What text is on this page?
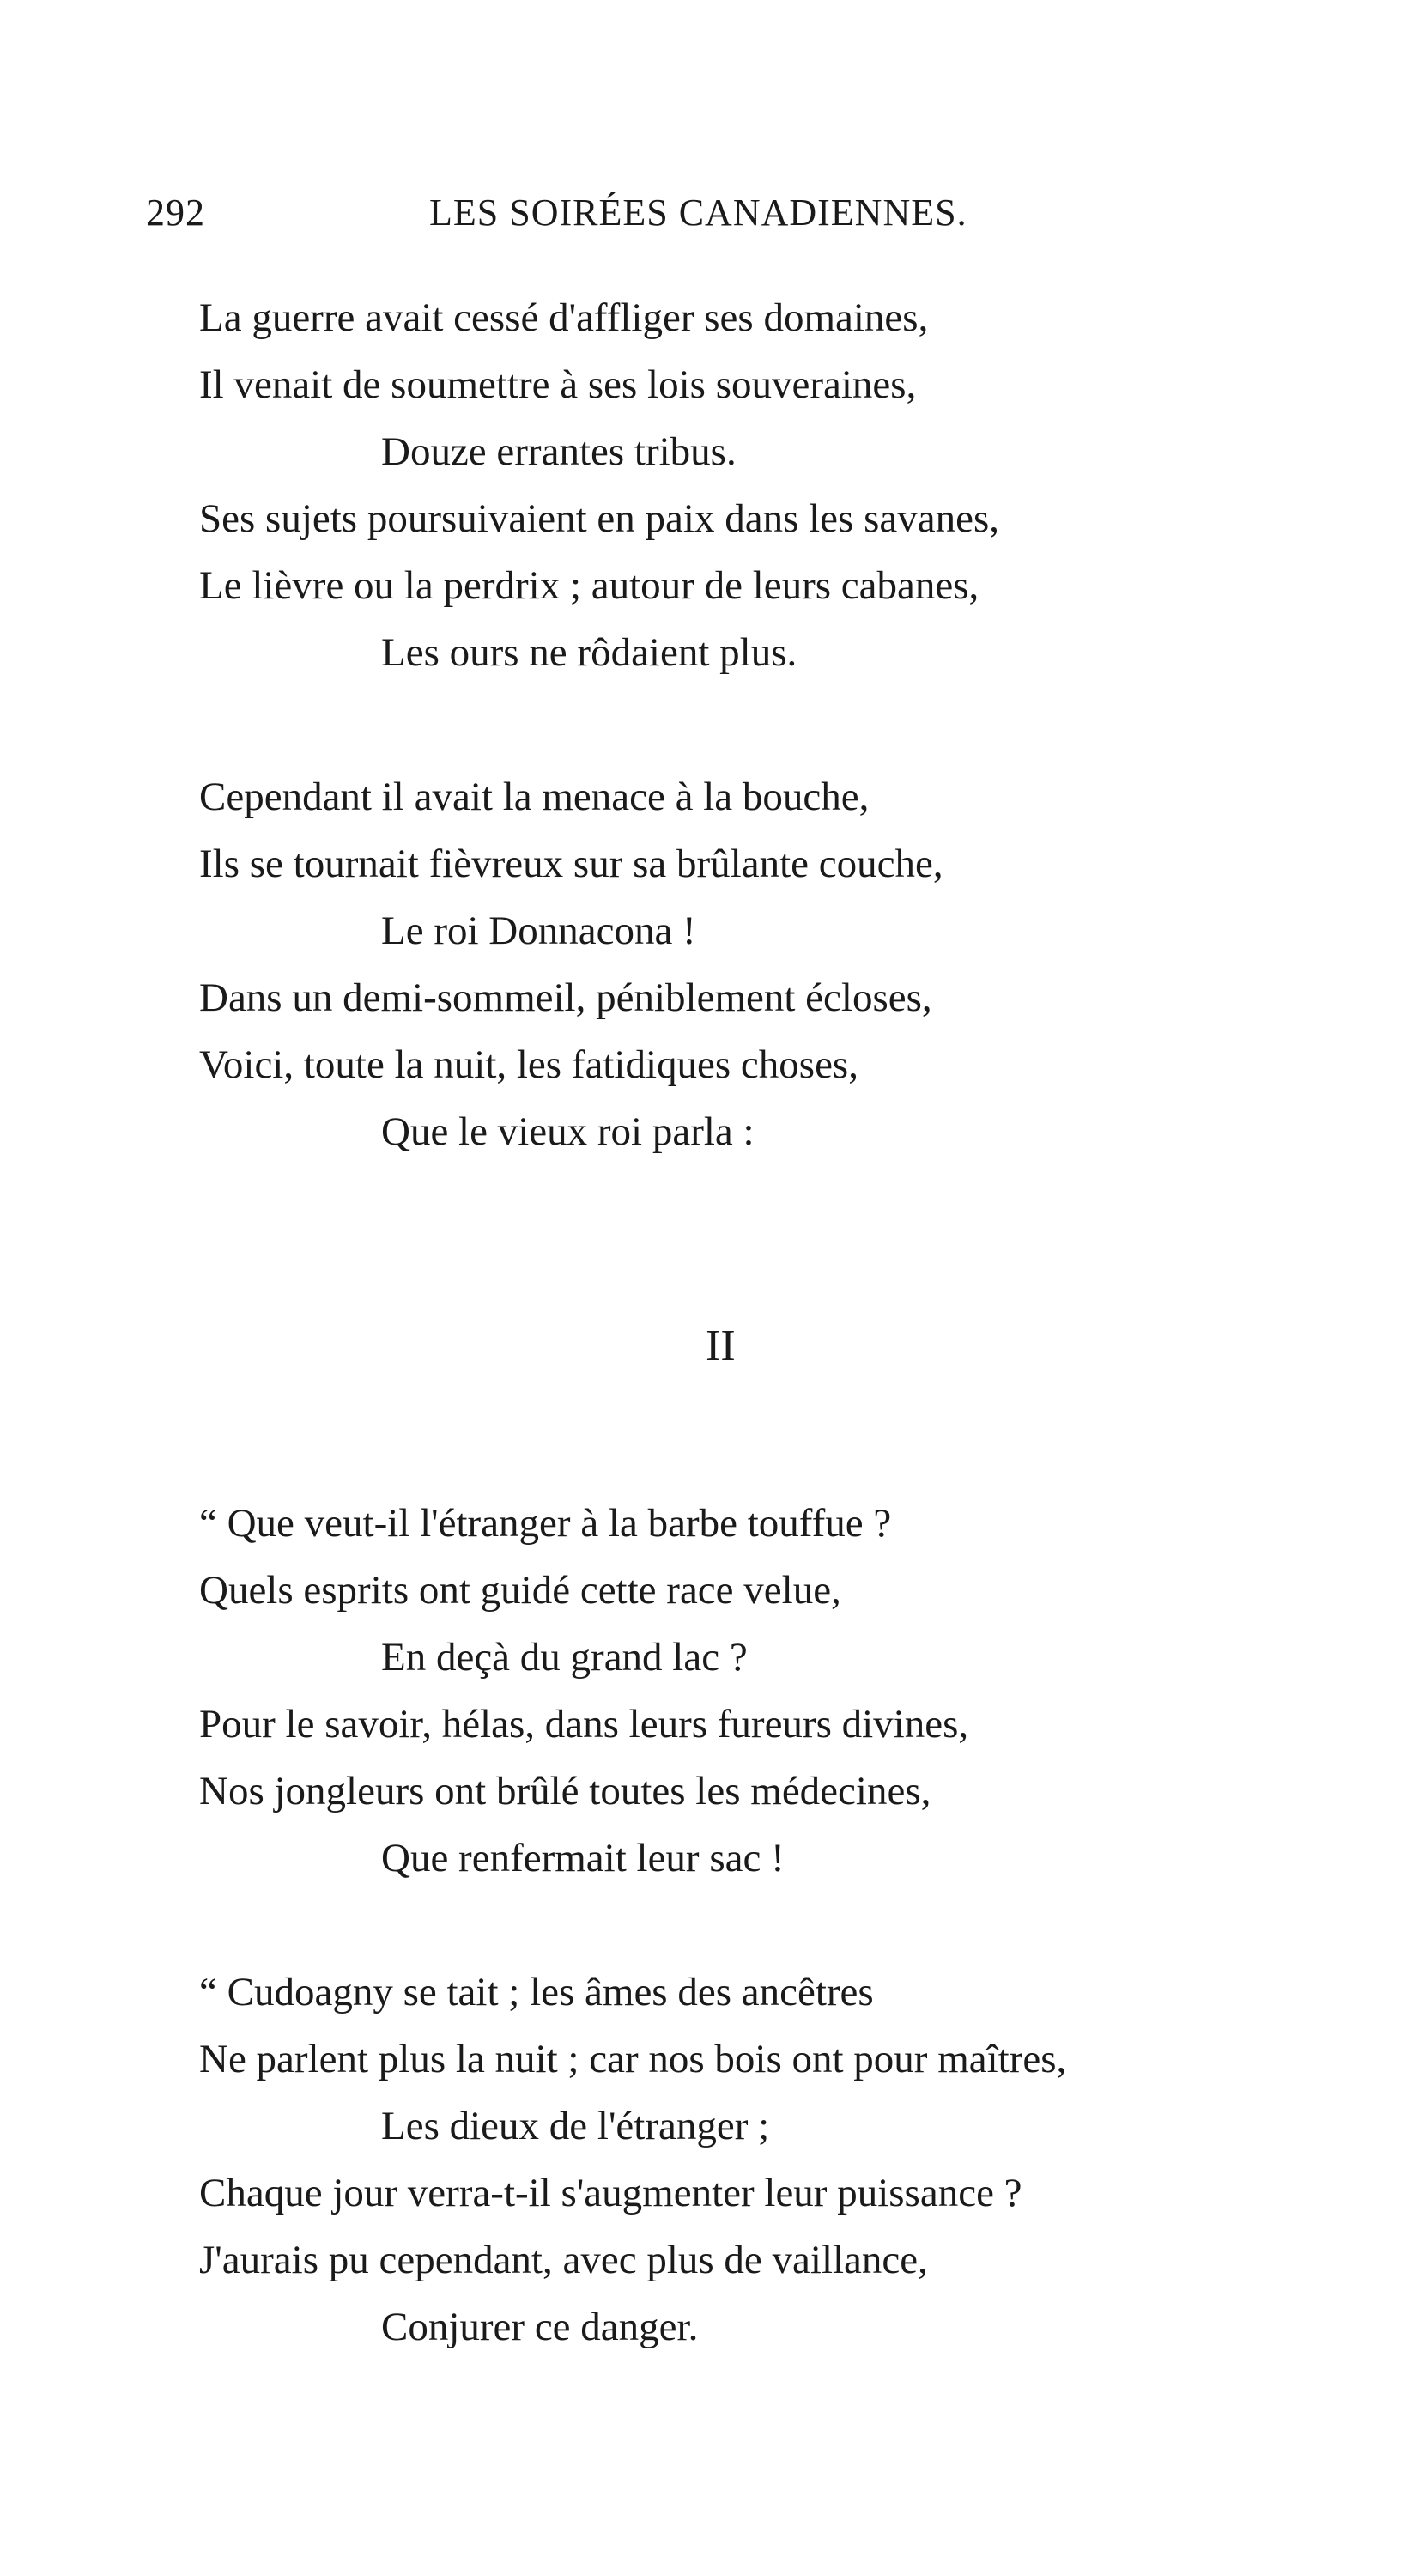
292	LES SOIRÉES CANADIENNES.
La guerre avait cessé d'affliger ses domaines,
Il venait de soumettre à ses lois souveraines,
Douze errantes tribus.
Ses sujets poursuivaient en paix dans les savanes,
Le lièvre ou la perdrix ; autour de leurs cabanes,
Les ours ne rôdaient plus.
Cependant il avait la menace à la bouche,
Ils se tournait fièvreux sur sa brûlante couche,
Le roi Donnacona !
Dans un demi-sommeil, péniblement écloses,
Voici, toute la nuit, les fatidiques choses,
Que le vieux roi parla :
II
“ Que veut-il l'étranger à la barbe touffue ?
Quels esprits ont guidé cette race velue,
En deçà du grand lac ?
Pour le savoir, hélas, dans leurs fureurs divines,
Nos jongleurs ont brûlé toutes les médecines,
Que renfermait leur sac !
“ Cudoagny se tait ; les âmes des ancêtres
Ne parlent plus la nuit ; car nos bois ont pour maîtres,
Les dieux de l'étranger ;
Chaque jour verra-t-il s'augmenter leur puissance ?
J'aurais pu cependant, avec plus de vaillance,
Conjurer ce danger.
